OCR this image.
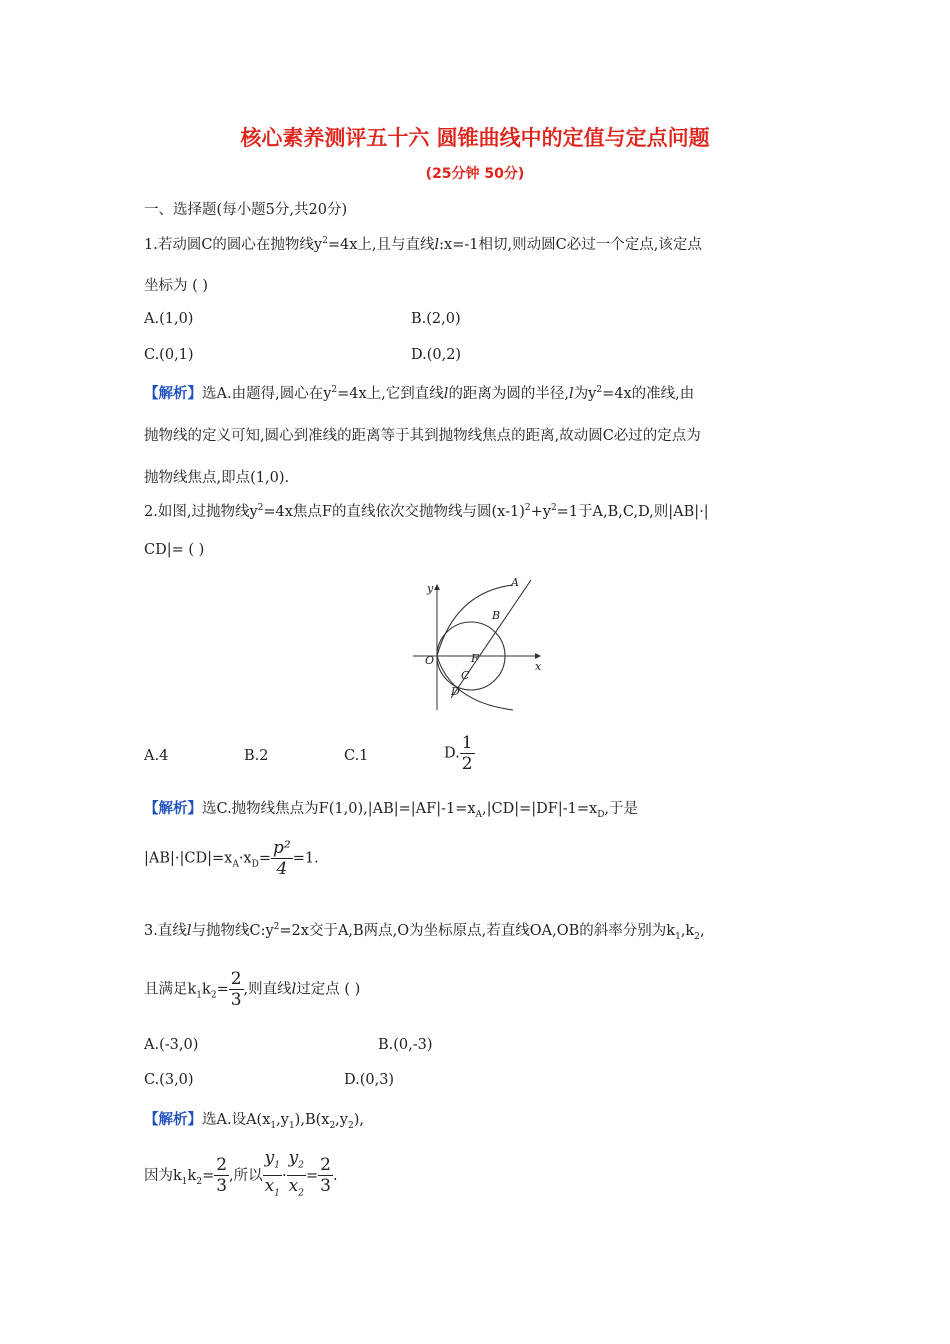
核心素养测评五十六 圆锥曲线中的定值与定点问题
(25分钟 50分)
一、选择题(每小题5分,共20分)
1.若动圆C的圆心在抛物线$y^2=4x$上,且与直线l:x=-1相切,则动圆C必过一个定点,该定点
坐标为 ( )
A.(1,0)	B.(2,0)
C.(0,1)	D.(0,2)
【解析】选A.由题得,圆心在$y^2=4x$上,它到直线l的距离为圆的半径,l为$y^2=4x$的准线,由
抛物线的定义可知,圆心到准线的距离等于其到抛物线焦点的距离,故动圆C必过的定点为
抛物线焦点,即点(1,0).
2.如图,过抛物线$y^2=4x$焦点F的直线依次交抛物线与圆$(x-1)^2+y^2=1$于A,B,C,D,则|AB|·|
CD|= ( )
y
x
O	F
A
B
C
D
A.4	B.2	C.1	D. $\frac{1}{2}$
【解析】选C.抛物线焦点为$F(1,0),|AB|=|AF|-1=x_A,|CD|=|DF|-1=x_D$,于是
$|AB|\cdot|CD|=x_A\cdot x_D= \frac{\text{p²}}{4} =1$.
3.直线l与抛物线$C:y^2=2x$交于A,B两点,O为坐标原点,若直线OA,OB的斜率分别为$k_1,k_2$,
且满足$k_1k_2= \frac{2}{3}$ ,则直线l过定点 ( )
A.(-3,0)	B.(0,-3)
C.(3,0)	D.(0,3)
【解析】选A.设$A(x_1,y_1),B(x_2,y_2)$,
因为$k_1k_2= \frac{2}{3}$ ,所以 $\frac{y_1}{x_1} \cdot \frac{y_2}{x_2} = \frac{2}{3}$ .
